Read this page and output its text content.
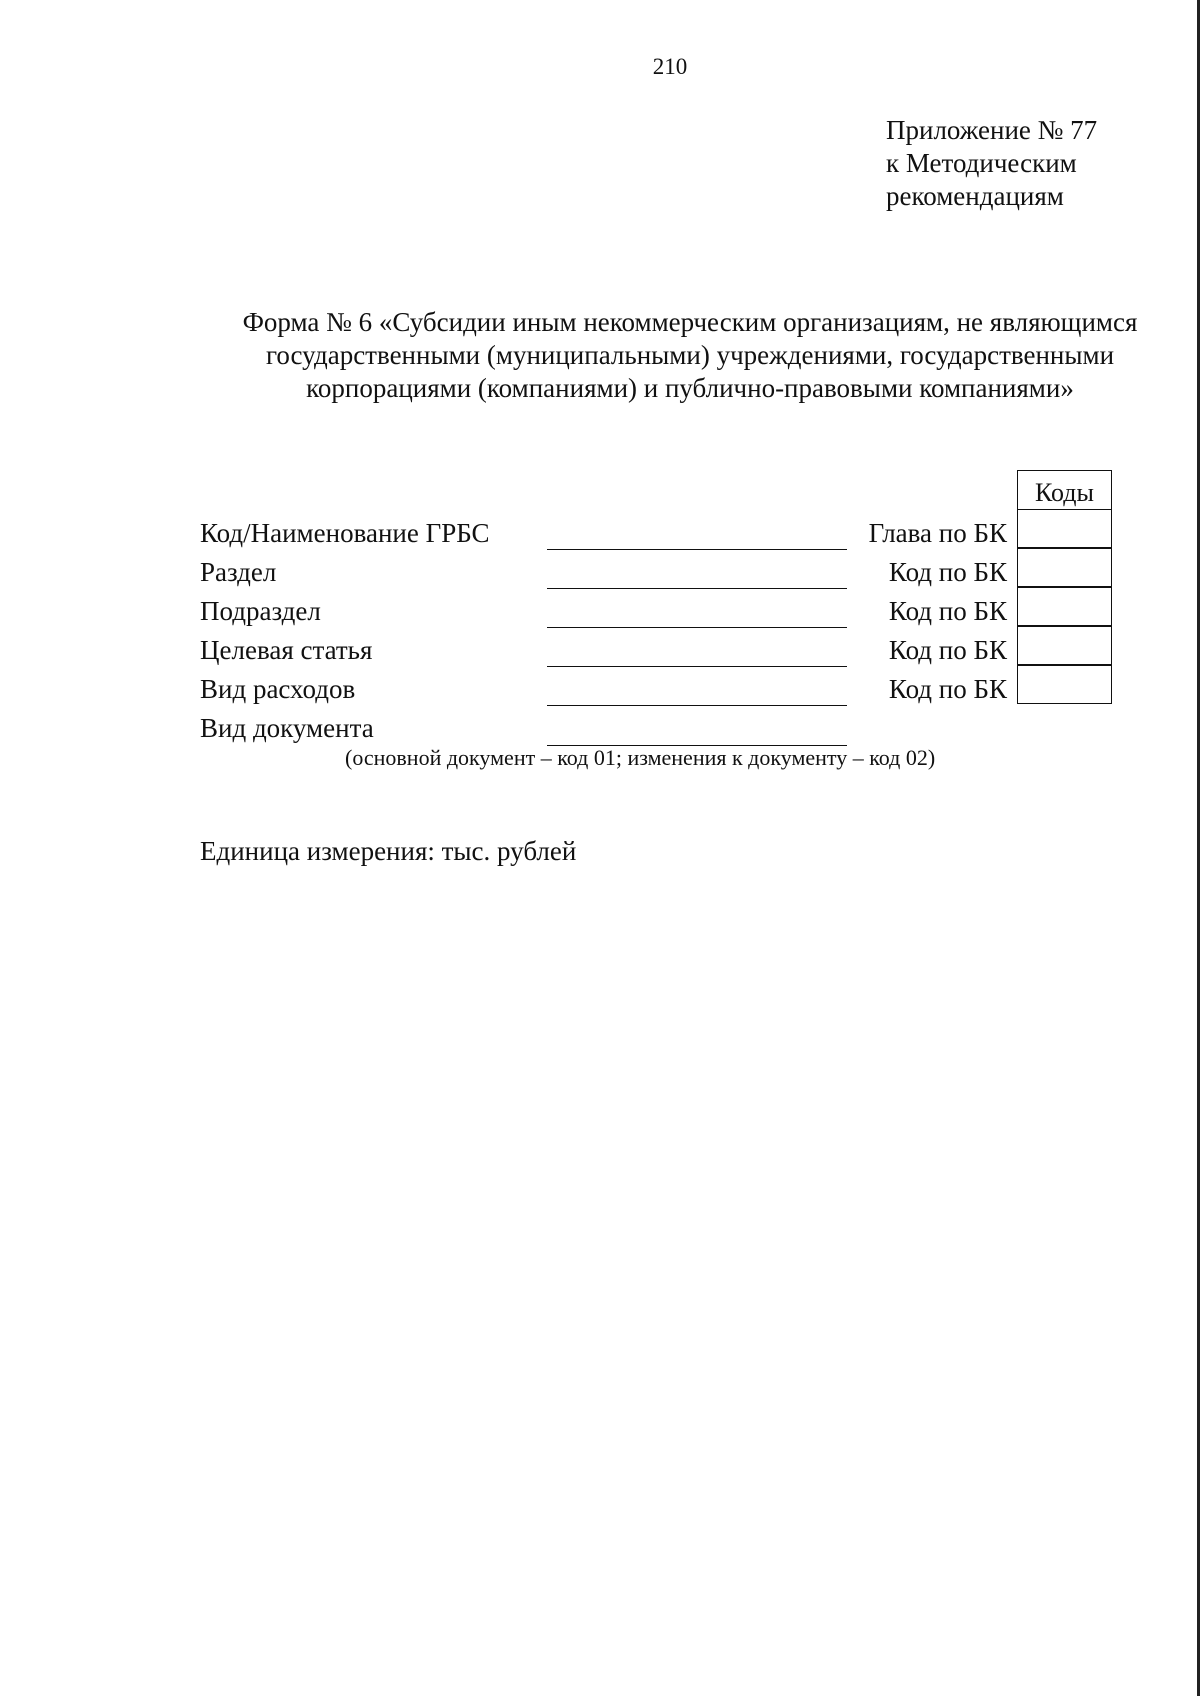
210
Приложение № 77
к Методическим
рекомендациям
Форма № 6 «Субсидии иным некоммерческим организациям, не являющимся
государственными (муниципальными) учреждениями, государственными
корпорациями (компаниями) и публично-правовыми компаниями»
Коды
Код/Наименование ГРБС	Глава по БК
Раздел	Код по БК
Подраздел	Код по БК
Целевая статья	Код по БК
Вид расходов	Код по БК
Вид документа
(основной документ – код 01; изменения к документу – код 02)
Единица измерения: тыс. рублей
